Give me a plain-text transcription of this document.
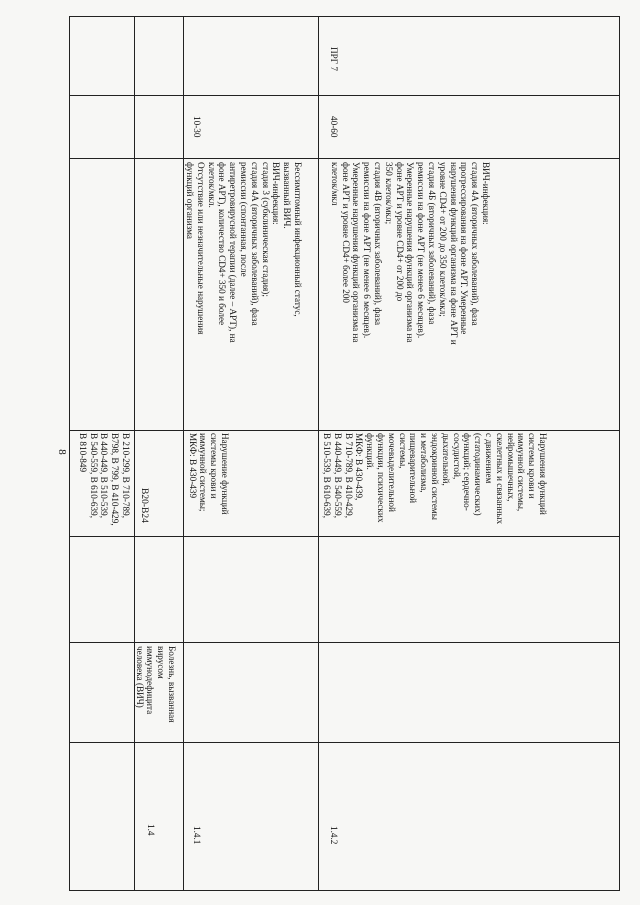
8
В 210-299, В 710-789,
В798, В 799, В 410-429,
В 440-449, В 510-539,
В 540-559, В 610-639,
В 810-849
1.4
Болезнь, вызванная
вирусом
иммунодефицита
человека (ВИЧ)
В20-В24
1.4.1
Нарушение функций
системы крови и
иммунной системы;
МКФ: В 430-439
Бессимптомный инфекционный статус,
вызванный ВИЧ.
ВИЧ-инфекция:
стадия 3 (субклиническая стадия);
стадия 4А (вторичных заболеваний), фаза
ремиссии (спонтанная, после
антиретровирусной терапии (далее – АРТ), на
фоне АРТ), количество CD4+ 350 и более
клеток/мкл.
Отсутствие или незначительные нарушения
функций организма
10-30
1.4.2
Нарушения функций
системы крови и
иммунной системы,
нейромышечных,
скелетных и связанных
с движением
(статодинамических)
функций; сердечно-
сосудистой,
дыхательной,
эндокринной системы
и метаболизма,
пищеварительной
системы,
мочевыделительной
функции, психических
функций.
МКФ: В 430-439,
В 710-789, В 410-429,
В 440-449, В 540-559,
В 510-539, В 610-639,
ВИЧ-инфекция:
стадия 4А (вторичных заболеваний), фаза
прогрессирования на фоне АРТ. Умеренные
нарушения функций организма на фоне АРТ и
уровне CD4+ от 200 до 350 клеток/мкл;
стадия 4Б (вторичных заболеваний), фаза
ремиссии на фоне АРТ (не менее 6 месяцев).
Умеренные нарушения функций организма на
фоне АРТ и уровне CD4+ от 200 до
350 клеток/мкл;
стадия 4В (вторичных заболеваний), фаза
ремиссии на фоне АРТ (не менее 6 месяцев).
Умеренные нарушения функций организма на
фоне АРТ и уровне CD4+ более 200
клеток/мкл
40-60
ПРГ 7
